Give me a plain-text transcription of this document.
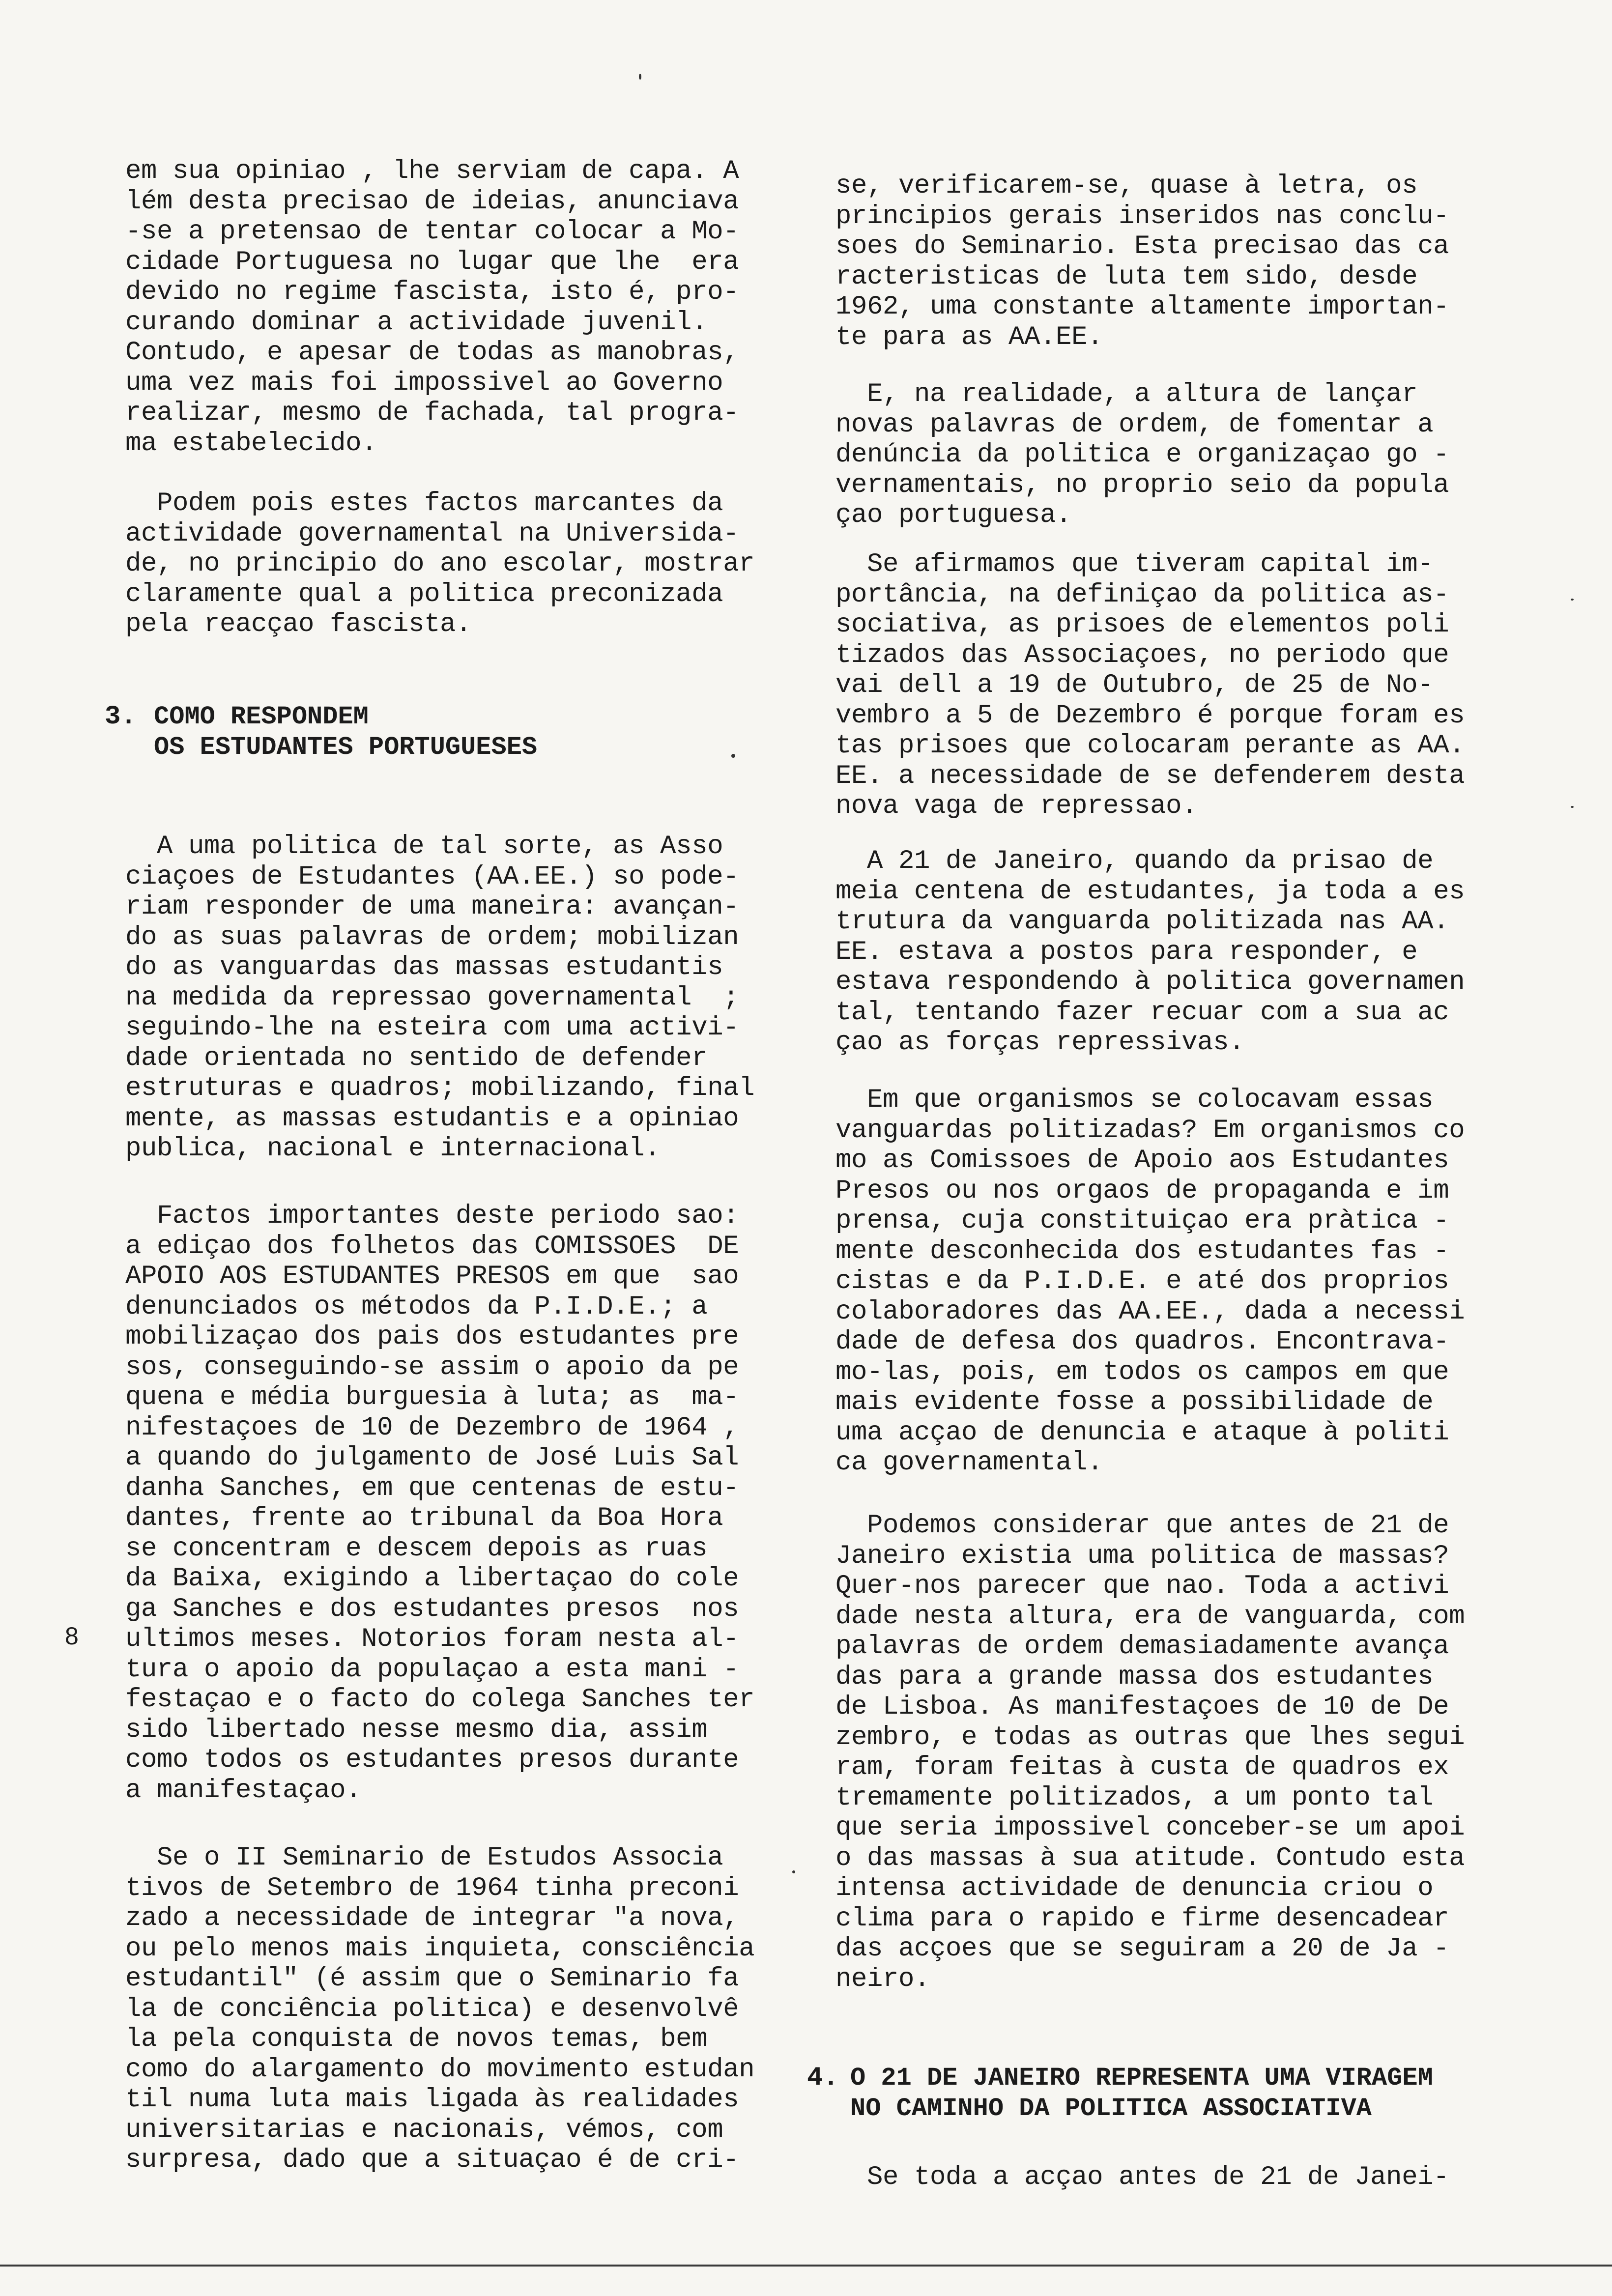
em sua opiniao , lhe serviam de capa. A
lém desta precisao de ideias, anunciava
-se a pretensao de tentar colocar a Mo-
cidade Portuguesa no lugar que lhe  era
devido no regime fascista, isto é, pro-
curando dominar a actividade juvenil.
Contudo, e apesar de todas as manobras,
uma vez mais foi impossivel ao Governo
realizar, mesmo de fachada, tal progra-
ma estabelecido.

Podem pois estes factos marcantes da
actividade governamental na Universida-
de, no principio do ano escolar, mostrar
claramente qual a politica preconizada
pela reacçao fascista.

3. COMO RESPONDEM
OS ESTUDANTES PORTUGUESES

A uma politica de tal sorte, as Asso
ciaçoes de Estudantes (AA.EE.) so pode-
riam responder de uma maneira: avançan-
do as suas palavras de ordem; mobilizan
do as vanguardas das massas estudantis
na medida da repressao governamental  ;
seguindo-lhe na esteira com uma activi-
dade orientada no sentido de defender
estruturas e quadros; mobilizando, final
mente, as massas estudantis e a opiniao
publica, nacional e internacional.

Factos importantes deste periodo sao:
a ediçao dos folhetos das COMISSOES  DE
APOIO AOS ESTUDANTES PRESOS em que  sao
denunciados os métodos da P.I.D.E.; a
mobilizaçao dos pais dos estudantes pre
sos, conseguindo-se assim o apoio da pe
quena e média burguesia à luta; as  ma-
nifestaçoes de 10 de Dezembro de 1964 ,
a quando do julgamento de José Luis Sal
danha Sanches, em que centenas de estu-
dantes, frente ao tribunal da Boa Hora
se concentram e descem depois as ruas
da Baixa, exigindo a libertaçao do cole
ga Sanches e dos estudantes presos  nos
ultimos meses. Notorios foram nesta al-
tura o apoio da populaçao a esta mani -
festaçao e o facto do colega Sanches ter
sido libertado nesse mesmo dia, assim
como todos os estudantes presos durante
a manifestaçao.

Se o II Seminario de Estudos Associa
tivos de Setembro de 1964 tinha preconi
zado a necessidade de integrar "a nova,
ou pelo menos mais inquieta, consciência
estudantil" (é assim que o Seminario fa
la de conciência politica) e desenvolvê
la pela conquista de novos temas, bem
como do alargamento do movimento estudan
til numa luta mais ligada às realidades
universitarias e nacionais, vémos, com
surpresa, dado que a situaçao é de cri-

se, verificarem-se, quase à letra, os
principios gerais inseridos nas conclu-
soes do Seminario. Esta precisao das ca
racteristicas de luta tem sido, desde
1962, uma constante altamente importan-
te para as AA.EE.

E, na realidade, a altura de lançar
novas palavras de ordem, de fomentar a
denúncia da politica e organizaçao go -
vernamentais, no proprio seio da popula
çao portuguesa.

Se afirmamos que tiveram capital im-
portância, na definiçao da politica as-
sociativa, as prisoes de elementos poli
tizados das Associaçoes, no periodo que
vai dell a 19 de Outubro, de 25 de No-
vembro a 5 de Dezembro é porque foram es
tas prisoes que colocaram perante as AA.
EE. a necessidade de se defenderem desta
nova vaga de repressao.

A 21 de Janeiro, quando da prisao de
meia centena de estudantes, ja toda a es
trutura da vanguarda politizada nas AA.
EE. estava a postos para responder, e
estava respondendo à politica governamen
tal, tentando fazer recuar com a sua ac
çao as forças repressivas.

Em que organismos se colocavam essas
vanguardas politizadas? Em organismos co
mo as Comissoes de Apoio aos Estudantes
Presos ou nos orgaos de propaganda e im
prensa, cuja constituiçao era pràtica -
mente desconhecida dos estudantes fas -
cistas e da P.I.D.E. e até dos proprios
colaboradores das AA.EE., dada a necessi
dade de defesa dos quadros. Encontrava-
mo-las, pois, em todos os campos em que
mais evidente fosse a possibilidade de
uma acçao de denuncia e ataque à politi
ca governamental.

Podemos considerar que antes de 21 de
Janeiro existia uma politica de massas?
Quer-nos parecer que nao. Toda a activi
dade nesta altura, era de vanguarda, com
palavras de ordem demasiadamente avança
das para a grande massa dos estudantes
de Lisboa. As manifestaçoes de 10 de De
zembro, e todas as outras que lhes segui
ram, foram feitas à custa de quadros ex
tremamente politizados, a um ponto tal
que seria impossivel conceber-se um apoi
o das massas à sua atitude. Contudo esta
intensa actividade de denuncia criou o
clima para o rapido e firme desencadear
das acçoes que se seguiram a 20 de Ja -
neiro.

4. O 21 DE JANEIRO REPRESENTA UMA VIRAGEM
NO CAMINHO DA POLITICA ASSOCIATIVA

Se toda a acçao antes de 21 de Janei-

8
